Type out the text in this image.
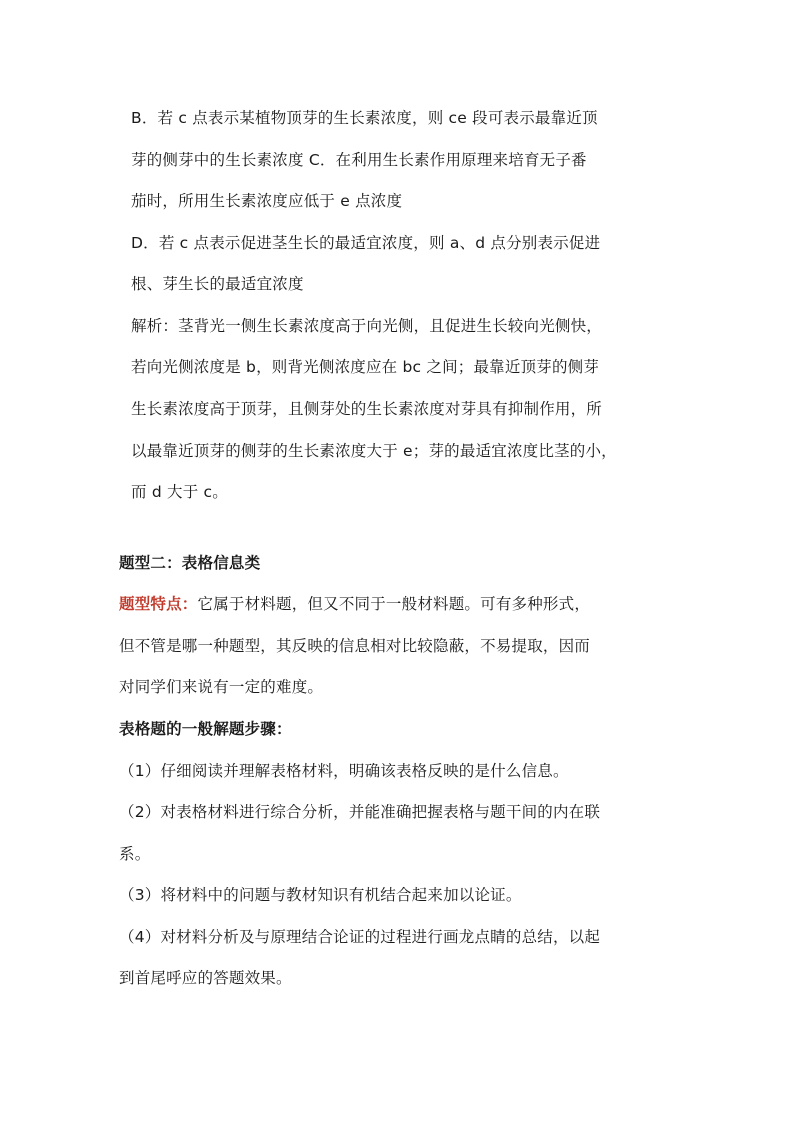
B．若 c 点表示某植物顶芽的生长素浓度，则 ce 段可表示最靠近顶
芽的侧芽中的生长素浓度 C．在利用生长素作用原理来培育无子番
茄时，所用生长素浓度应低于 e 点浓度
D．若 c 点表示促进茎生长的最适宜浓度，则 a、d 点分别表示促进
根、芽生长的最适宜浓度
解析：茎背光一侧生长素浓度高于向光侧，且促进生长较向光侧快，
若向光侧浓度是 b，则背光侧浓度应在 bc 之间；最靠近顶芽的侧芽
生长素浓度高于顶芽，且侧芽处的生长素浓度对芽具有抑制作用，所
以最靠近顶芽的侧芽的生长素浓度大于 e；芽的最适宜浓度比茎的小，
而 d 大于 c。
题型二：表格信息类
题型特点：它属于材料题，但又不同于一般材料题。可有多种形式，
但不管是哪一种题型，其反映的信息相对比较隐蔽，不易提取，因而
对同学们来说有一定的难度。
表格题的一般解题步骤：
（1）仔细阅读并理解表格材料，明确该表格反映的是什么信息。
（2）对表格材料进行综合分析，并能准确把握表格与题干间的内在联
系。
（3）将材料中的问题与教材知识有机结合起来加以论证。
（4）对材料分析及与原理结合论证的过程进行画龙点睛的总结，以起
到首尾呼应的答题效果。
